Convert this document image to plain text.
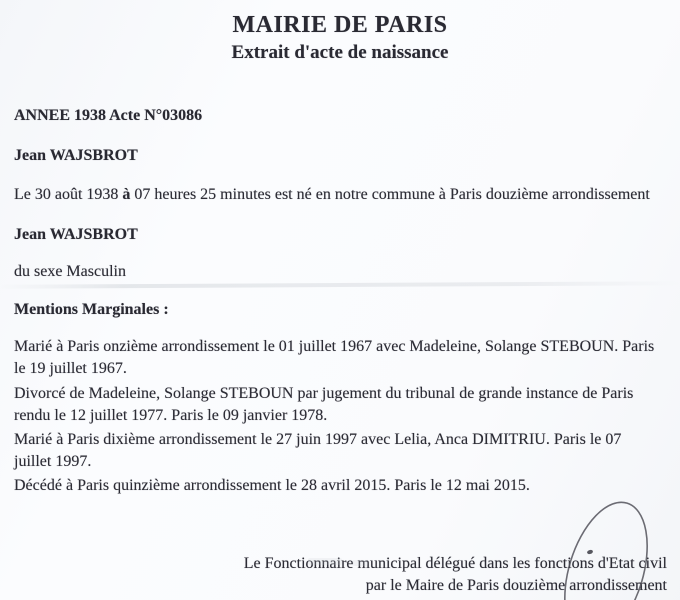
MAIRIE DE PARIS
Extrait d'acte de naissance
ANNEE 1938 Acte N°03086
Jean WAJSBROT
Le 30 août 1938 à 07 heures 25 minutes est né en notre commune à Paris douzième arrondissement
Jean WAJSBROT
du sexe Masculin
Mentions Marginales :
Marié à Paris onzième arrondissement le 01 juillet 1967 avec Madeleine, Solange STEBOUN. Paris
le 19 juillet 1967.
Divorcé de Madeleine, Solange STEBOUN par jugement du tribunal de grande instance de Paris
rendu le 12 juillet 1977. Paris le 09 janvier 1978.
Marié à Paris dixième arrondissement le 27 juin 1997 avec Lelia, Anca DIMITRIU. Paris le 07
juillet 1997.
Décédé à Paris quinzième arrondissement le 28 avril 2015. Paris le 12 mai 2015.
Le Fonctionnaire municipal délégué dans les fonctions d'Etat civil
par le Maire de Paris douzième arrondissement
